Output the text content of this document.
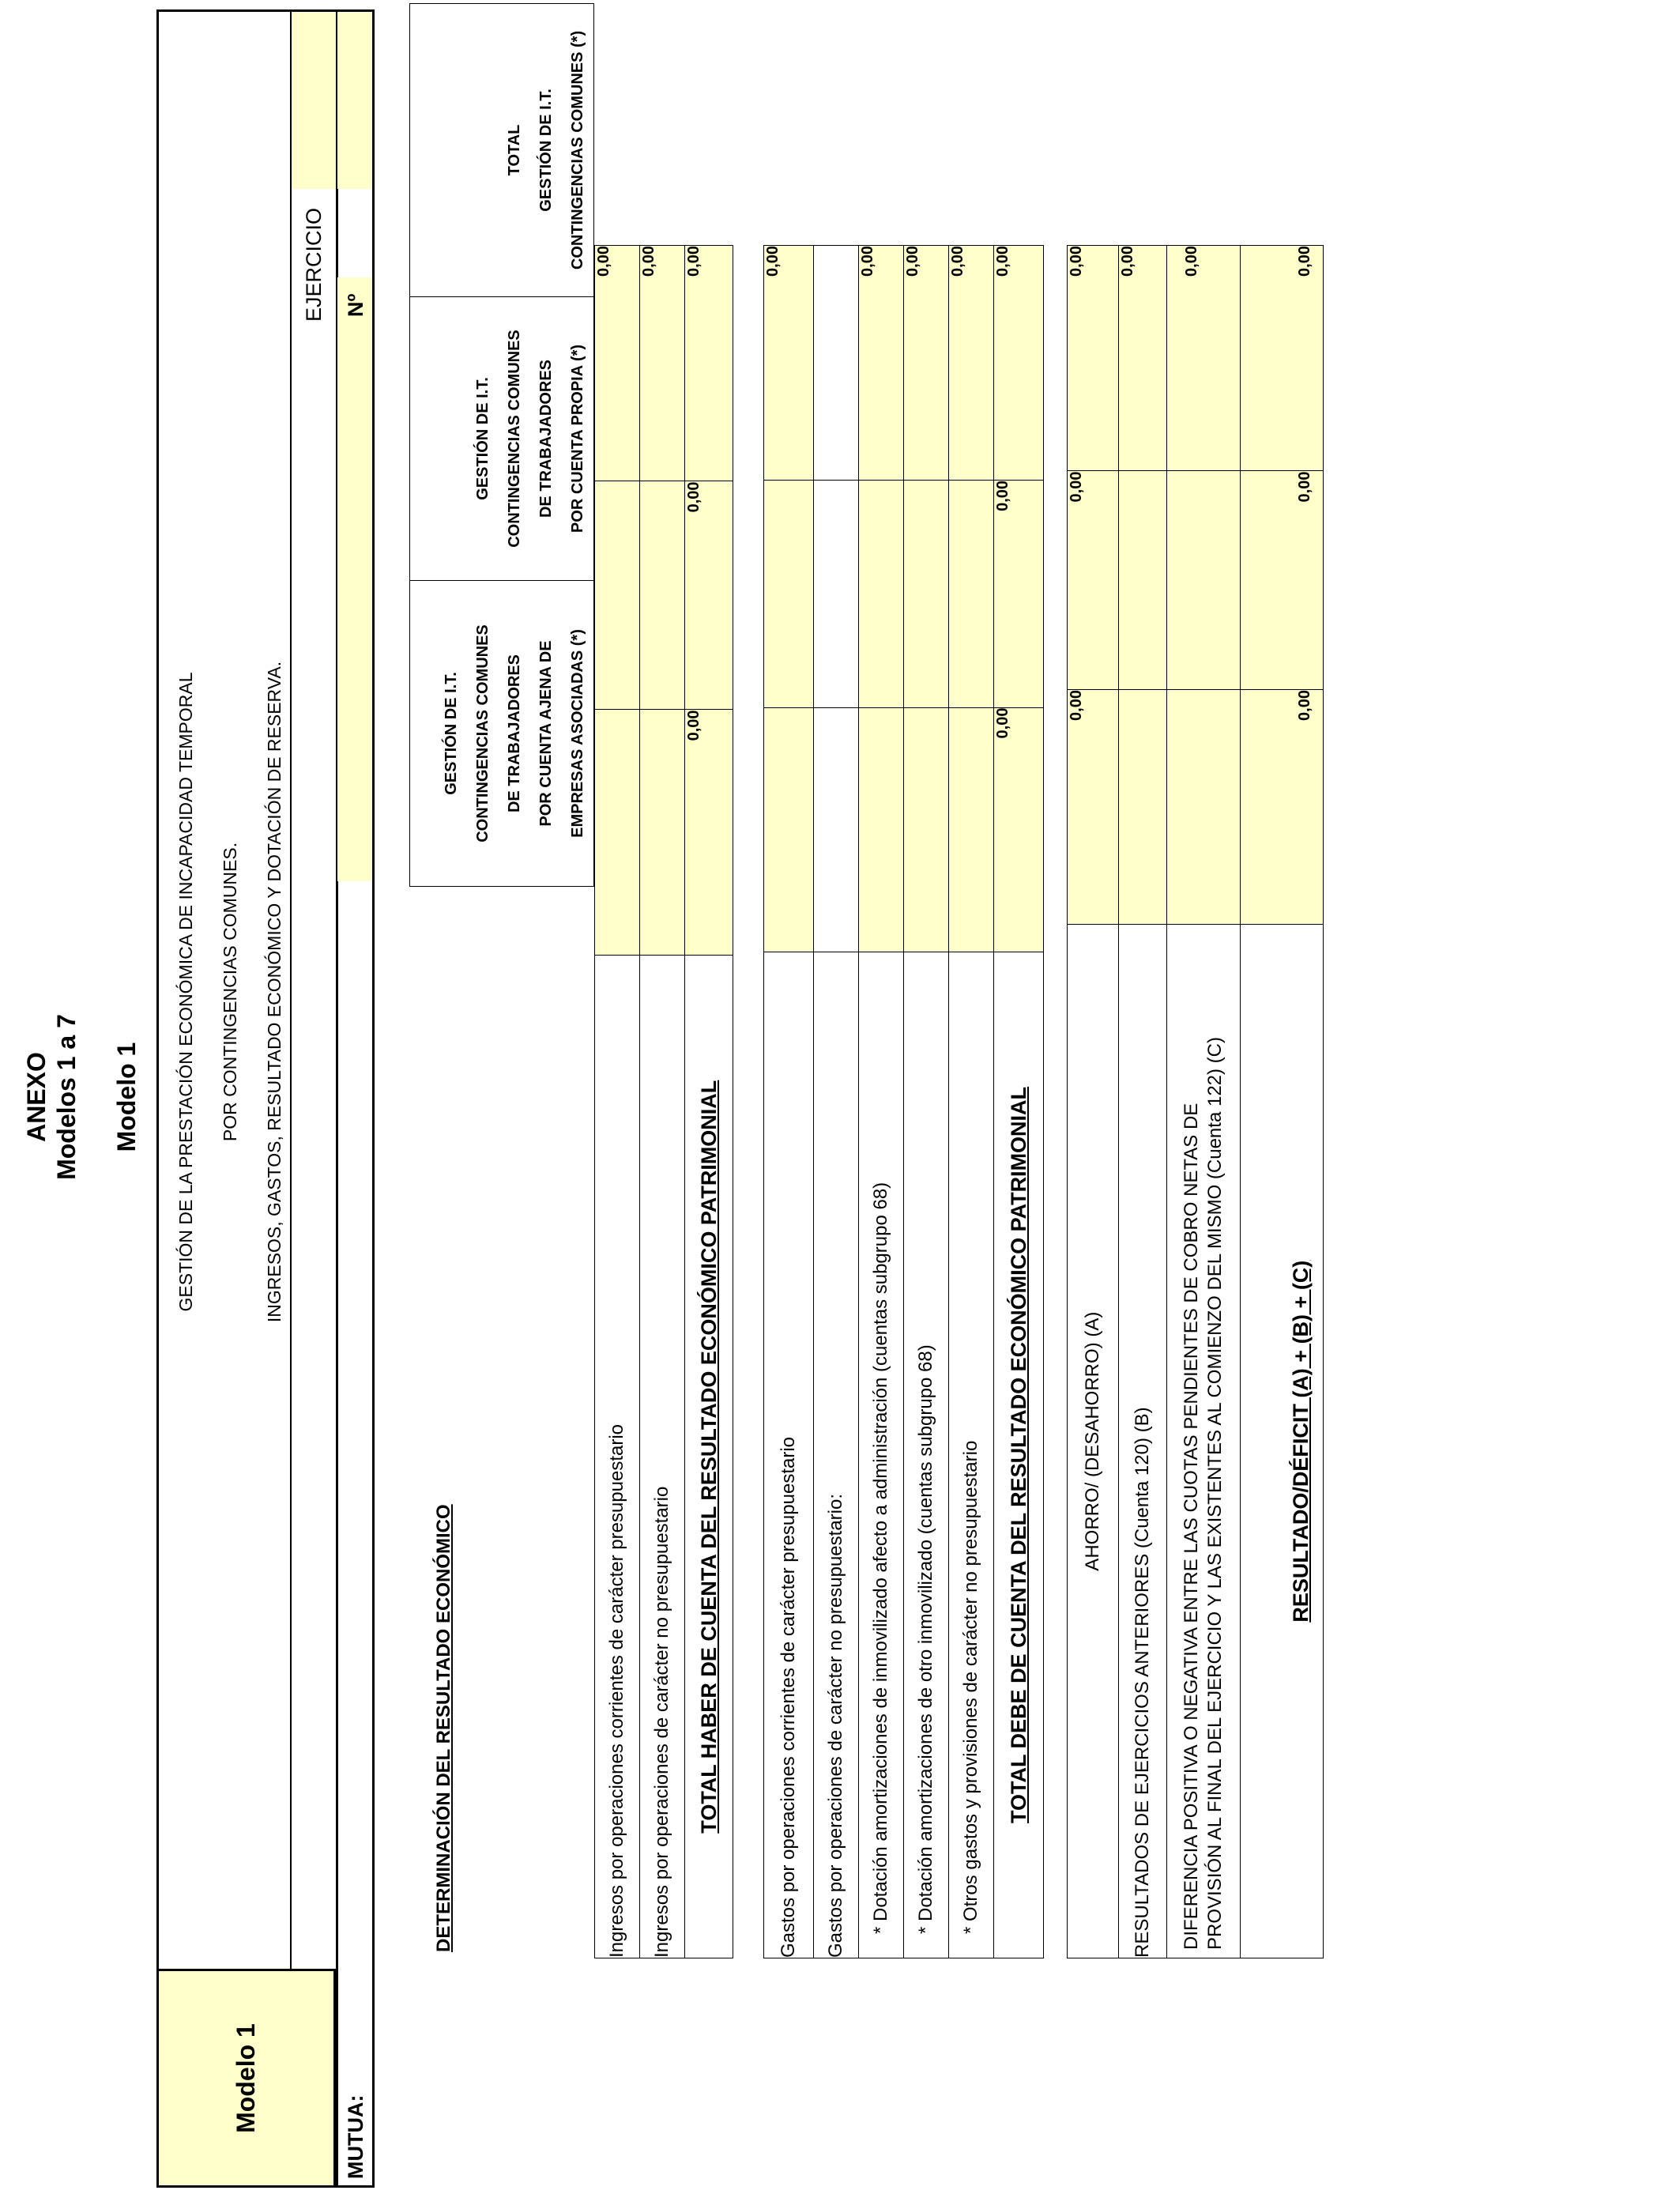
ANEXO Modelos 1 a 7 Modelo 1
Modelo 1
GESTIÓN DE LA PRESTACIÓN ECONÓMICA DE INCAPACIDAD TEMPORAL	POR CONTINGENCIAS COMUNES.	INGRESOS, GASTOS, RESULTADO ECONÓMICO Y DOTACIÓN DE RESERVA.
EJERCICIO
MUTUA:
Nº
DETERMINACIÓN DEL RESULTADO ECONÓMICO
GESTIÓN DE I.T. CONTINGENCIAS COMUNES DE TRABAJADORES POR CUENTA AJENA DE EMPRESAS ASOCIADAS (*)

GESTIÓN DE I.T. CONTINGENCIAS COMUNES DE TRABAJADORES POR CUENTA PROPIA (*)

TOTAL GESTIÓN DE I.T. CONTINGENCIAS COMUNES (*)
Ingresos por operaciones corrientes de carácter presupuestario			0,00
Ingresos por operaciones de carácter no presupuestario			0,00
TOTAL HABER DE CUENTA DEL RESULTADO ECONÓMICO PATRIMONIAL	0,00	0,00	0,00
Gastos por operaciones corrientes de carácter presupuestario			0,00
Gastos por operaciones de carácter no presupuestario:			
* Dotación amortizaciones de inmovilizado afecto a administración (cuentas subgrupo 68)			0,00
* Dotación amortizaciones de otro inmovilizado (cuentas subgrupo 68)			0,00
* Otros gastos y provisiones de carácter no presupuestario			0,00
TOTAL DEBE DE CUENTA DEL RESULTADO ECONÓMICO PATRIMONIAL	0,00	0,00	0,00
AHORRO/ (DESAHORRO) (A)	0,00	0,00	0,00
RESULTADOS DE EJERCICIOS ANTERIORES (Cuenta 120) (B)			0,00

DIFERENCIA POSITIVA O NEGATIVA ENTRE LAS CUOTAS PENDIENTES DE COBRO NETAS DE PROVISIÓN AL FINAL DEL EJERCICIO Y LAS EXISTENTES AL COMIENZO DEL MISMO (Cuenta 122) (C)			0,00
RESULTADO/DÉFICIT (A) + (B) + (C)	0,00	0,00	0,00
